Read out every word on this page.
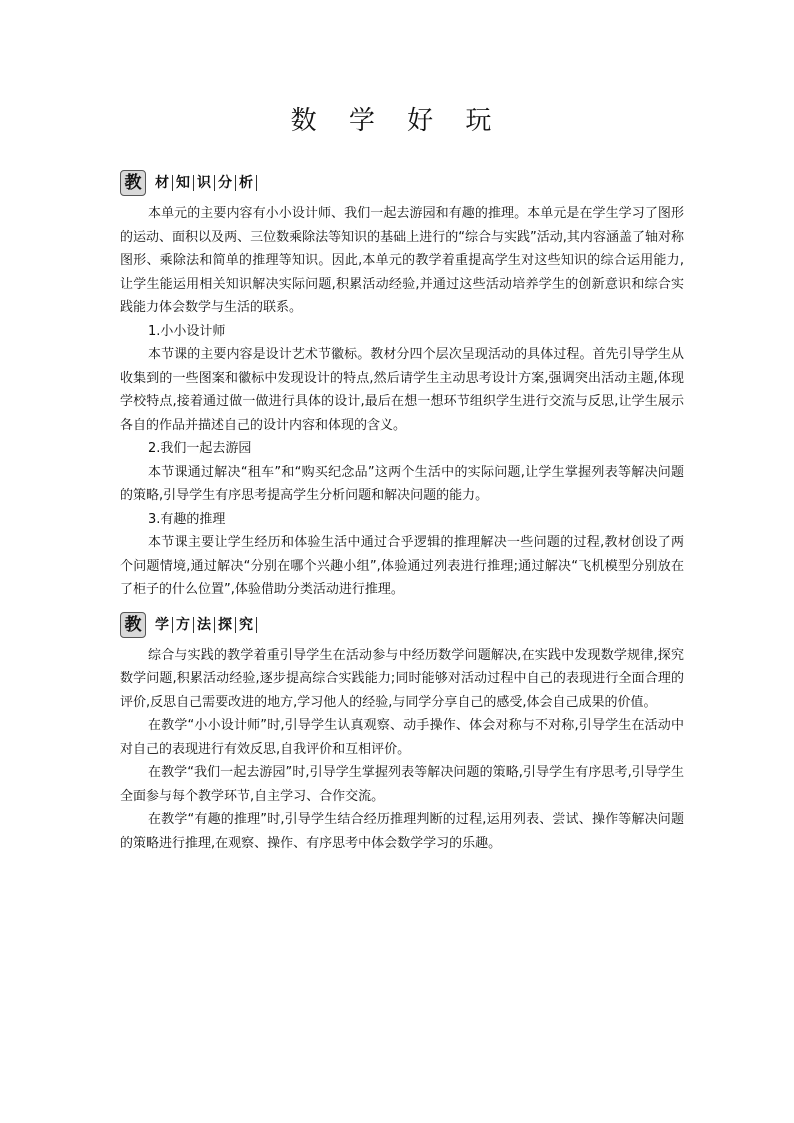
数 学 好 玩
教 材 知 识 分 析

本单元的主要内容有小小设计师、我们一起去游园和有趣的推理。本单元是在学生学习了图形的运动、面积以及两、三位数乘除法等知识的基础上进行的“综合与实践”活动,其内容涵盖了轴对称图形、乘除法和简单的推理等知识。因此,本单元的教学着重提高学生对这些知识的综合运用能力,让学生能运用相关知识解决实际问题,积累活动经验,并通过这些活动培养学生的创新意识和综合实践能力体会数学与生活的联系。

1.小小设计师

本节课的主要内容是设计艺术节徽标。教材分四个层次呈现活动的具体过程。首先引导学生从收集到的一些图案和徽标中发现设计的特点,然后请学生主动思考设计方案,强调突出活动主题,体现学校特点,接着通过做一做进行具体的设计,最后在想一想环节组织学生进行交流与反思,让学生展示各自的作品并描述自己的设计内容和体现的含义。

2.我们一起去游园

本节课通过解决“租车”和“购买纪念品”这两个生活中的实际问题,让学生掌握列表等解决问题的策略,引导学生有序思考提高学生分析问题和解决问题的能力。

3.有趣的推理

本节课主要让学生经历和体验生活中通过合乎逻辑的推理解决一些问题的过程,教材创设了两个问题情境,通过解决“分别在哪个兴趣小组”,体验通过列表进行推理;通过解决“飞机模型分别放在了柜子的什么位置”,体验借助分类活动进行推理。

教 学 方 法 探 究

综合与实践的教学着重引导学生在活动参与中经历数学问题解决,在实践中发现数学规律,探究数学问题,积累活动经验,逐步提高综合实践能力;同时能够对活动过程中自己的表现进行全面合理的评价,反思自己需要改进的地方,学习他人的经验,与同学分享自己的感受,体会自己成果的价值。

在教学“小小设计师”时,引导学生认真观察、动手操作、体会对称与不对称,引导学生在活动中对自己的表现进行有效反思,自我评价和互相评价。

在教学“我们一起去游园”时,引导学生掌握列表等解决问题的策略,引导学生有序思考,引导学生全面参与每个教学环节,自主学习、合作交流。

在教学“有趣的推理”时,引导学生结合经历推理判断的过程,运用列表、尝试、操作等解决问题的策略进行推理,在观察、操作、有序思考中体会数学学习的乐趣。
